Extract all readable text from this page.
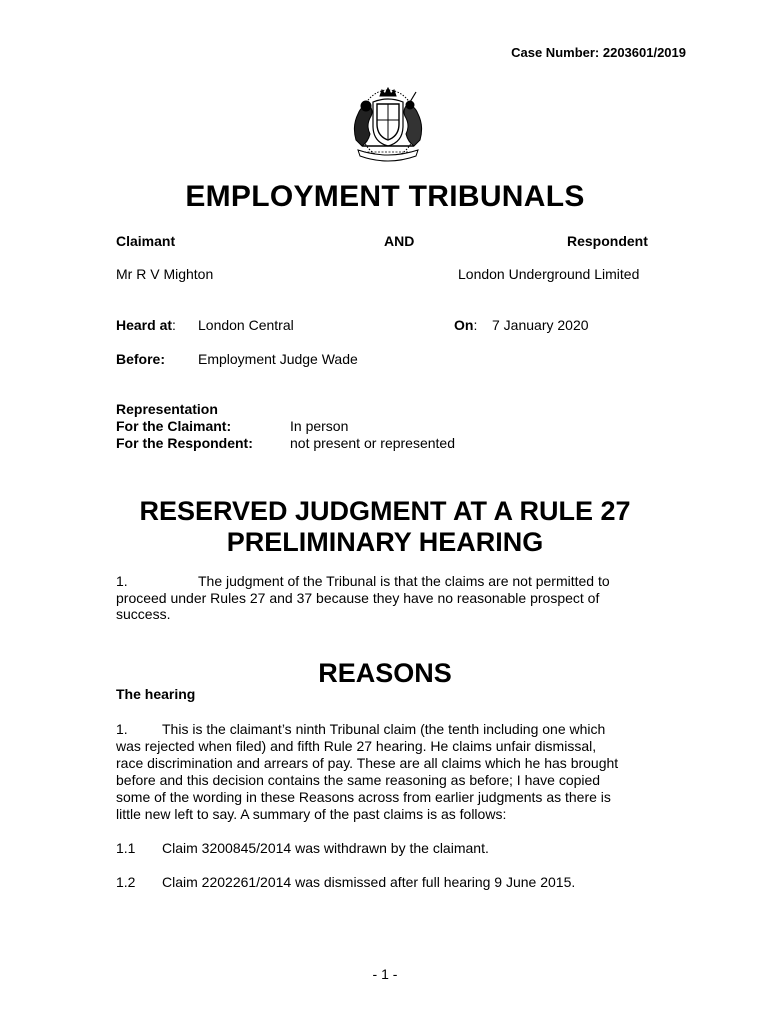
Case Number: 2203601/2019
EMPLOYMENT TRIBUNALS
Claimant	AND	Respondent
Mr R V Mighton	London Underground Limited
Heard at: London Central	On: 7 January 2020
Before: Employment Judge Wade
Representation
For the Claimant:	In person
For the Respondent:	not present or represented
RESERVED JUDGMENT AT A RULE 27
PRELIMINARY HEARING
1.	The judgment of the Tribunal is that the claims are not permitted to
proceed under Rules 27 and 37 because they have no reasonable prospect of
success.
REASONS
The hearing
1. This is the claimant’s ninth Tribunal claim (the tenth including one which
was rejected when filed) and fifth Rule 27 hearing. He claims unfair dismissal,
race discrimination and arrears of pay. These are all claims which he has brought
before and this decision contains the same reasoning as before; I have copied
some of the wording in these Reasons across from earlier judgments as there is
little new left to say. A summary of the past claims is as follows:
1.1 Claim 3200845/2014 was withdrawn by the claimant.
1.2 Claim 2202261/2014 was dismissed after full hearing 9 June 2015.
- 1 -
